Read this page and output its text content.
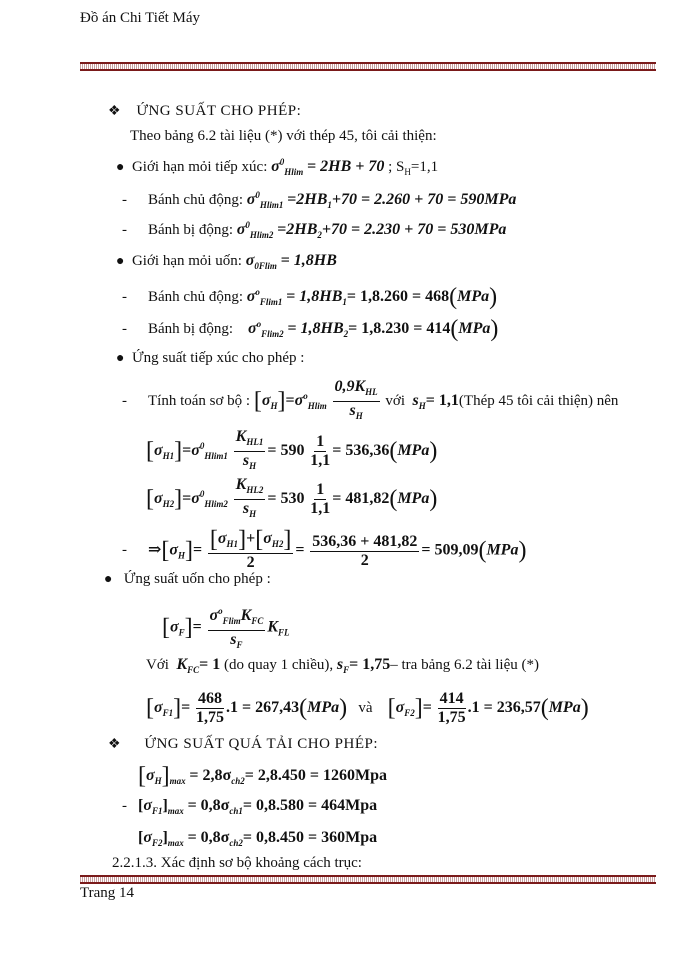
Đồ án Chi Tiết Máy
❖ ỨNG SUẤT CHO PHÉP:
Theo bảng 6.2 tài liệu (*) với thép 45, tôi cải thiện:
● Giới hạn mỏi tiếp xúc: $\sigma^0_{Hlim} = 2HB + 70$ ; $S_H=1,1$
- Bánh chủ động: $\sigma^0_{Hlim1} =2HB_1+70 = 2.260 + 70 = 590MPa$
- Bánh bị động: $\sigma^0_{Hlim2} =2HB_2+70 = 2.230 + 70 = 530MPa$
● Giới hạn mỏi uốn: $\sigma_{0Flim} = 1,8HB$
- Bánh chủ động: $\sigma^o_{Flim1} = 1,8HB_1= 1,8.260 = 468(MPa)$
- Bánh bị động: $\sigma^o_{Flim2} = 1,8HB_2= 1,8.230 = 414(MPa)$
● Ứng suất tiếp xúc cho phép :
- Tính toán sơ bộ : $[\sigma_H]=\sigma^o_{Hlim} \frac{0,9K_{HL}}{s_H}$ với $s_H=$ 1,1(Thép 45 tôi cải thiện) nên
$[\sigma_{H1}]=\sigma^0_{Hlim1} \frac{K_{HL1}}{s_H} = 590 \frac{1}{1,1} = 536,36(MPa)$
$[\sigma_{H2}]=\sigma^0_{Hlim2} \frac{K_{HL2}}{s_H} = 530 \frac{1}{1,1} = 481,82(MPa)$
- $\Rightarrow[\sigma_H]= \frac{[\sigma_{H1}]+[\sigma_{H2}]}{2} = \frac{536,36 + 481,82}{2} = 509,09(MPa)$
● Ứng suất uốn cho phép :
$[\sigma_F]= \frac{\sigma^o_{Flim}K_{FC}}{s_F} K_{FL}$
Với $K_{FC}= 1$ (do quay 1 chiều), $s_F= 1,75-$ tra bảng 6.2 tài liệu (*)
$[\sigma_{F1}]= \frac{468}{1,75} .1 = 267,43(MPa)$ và $[\sigma_{F2}]= \frac{414}{1,75} .1 = 236,57(MPa)$
❖ ỨNG SUẤT QUÁ TẢI CHO PHÉP:
$[\sigma_H]_{max} = 2,8\sigma_{ch2}= 2,8.450 = 1260Mpa$
- $[\sigma_{F1}]_{max} = 0,8\sigma_{ch1}= 0,8.580 = 464Mpa$
$[\sigma_{F2}]_{max} = 0,8\sigma_{ch2}= 0,8.450 = 360Mpa$
2.2.1.3. Xác định sơ bộ khoảng cách trục:
Trang 14
